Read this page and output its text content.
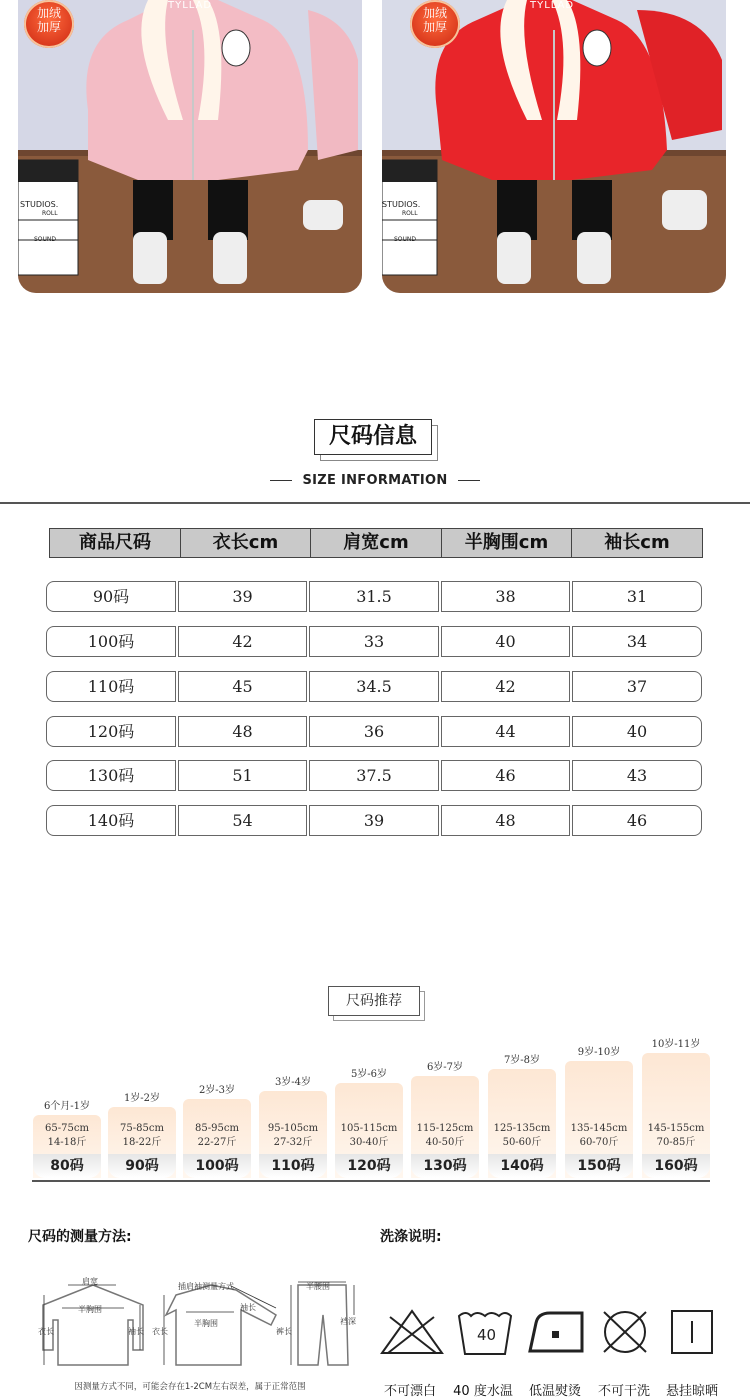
加绒
加厚
TYLLAD
STUDIOS.
ROLL
SOUND
加绒
加厚
TYLLAD
STUDIOS.
ROLL
SOUND
尺码信息
SIZE INFORMATION
商品尺码	衣长cm	肩宽cm	半胸围cm	袖长cm
90码	39	31.5	38	31
100码	42	33	40	34
110码	45	34.5	42	37
120码	48	36	44	40
130码	51	37.5	46	43
140码	54	39	48	46
尺码推荐
6个月-1岁
65-75cm
14-18斤
80码
1岁-2岁
75-85cm
18-22斤
90码
2岁-3岁
85-95cm
22-27斤
100码
3岁-4岁
95-105cm
27-32斤
110码
5岁-6岁
105-115cm
30-40斤
120码
6岁-7岁
115-125cm
40-50斤
130码
7岁-8岁
125-135cm
50-60斤
140码
9岁-10岁
135-145cm
60-70斤
150码
10岁-11岁
145-155cm
70-85斤
160码
尺码的测量方法:
肩宽
半胸围
衣长	袖长
插肩袖测量方式
半胸围
衣长
袖长
半腰围
裤长
裆深
因测量方式不同，可能会存在1-2CM左右误差，属于正常范围
洗涤说明:
40
不可漂白	40 度水温	低温熨烫	不可干洗	悬挂晾晒
